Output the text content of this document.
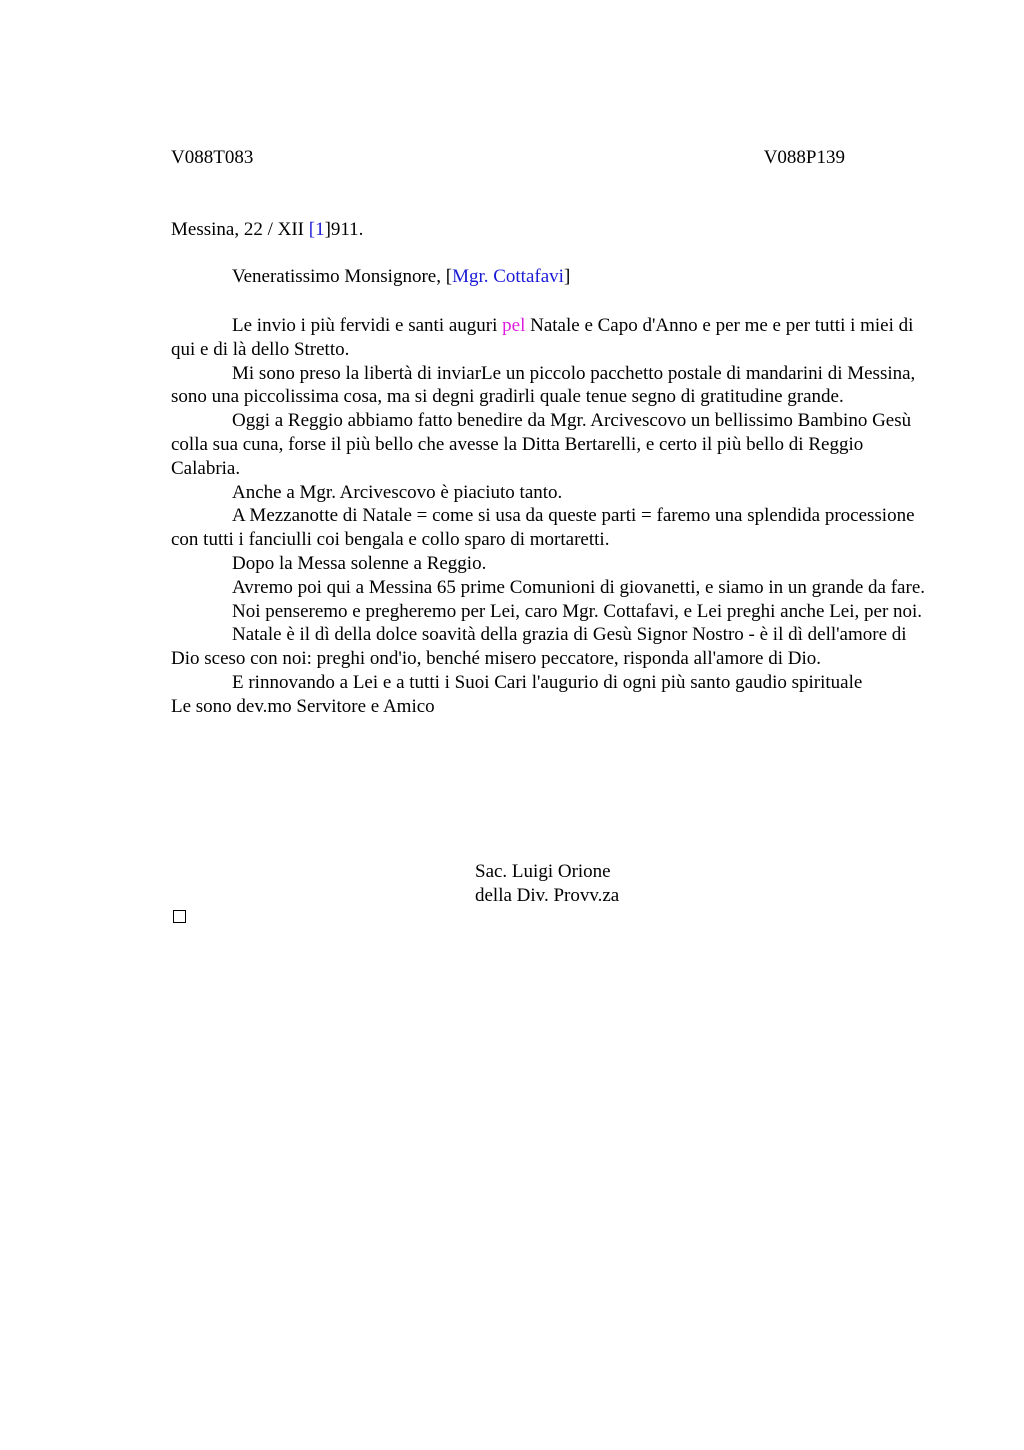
V088T083	V088P139
Messina, 22 / XII [1]911.
Veneratissimo Monsignore, [Mgr. Cottafavi]

Le invio i più fervidi e santi auguri pel Natale e Capo d'Anno e per me e per tutti i miei di qui e di là dello Stretto.

Mi sono preso la libertà di inviarLe un piccolo pacchetto postale di mandarini di Messina, sono una piccolissima cosa, ma si degni gradirli quale tenue segno di gratitudine grande.

Oggi a Reggio abbiamo fatto benedire da Mgr. Arcivescovo un bellissimo Bambino Gesù colla sua cuna, forse il più bello che avesse la Ditta Bertarelli, e certo il più bello di Reggio Calabria.

Anche a Mgr. Arcivescovo è piaciuto tanto.

A Mezzanotte di Natale = come si usa da queste parti = faremo una splendida processione con tutti i fanciulli coi bengala e collo sparo di mortaretti.

Dopo la Messa solenne a Reggio.

Avremo poi qui a Messina 65 prime Comunioni di giovanetti, e siamo in un grande da fare.

Noi penseremo e pregheremo per Lei, caro Mgr. Cottafavi, e Lei preghi anche Lei, per noi.

Natale è il dì della dolce soavità della grazia di Gesù Signor Nostro - è il dì dell'amore di Dio sceso con noi: preghi ond'io, benché misero peccatore, risponda all'amore di Dio.

E rinnovando a Lei e a tutti i Suoi Cari l'augurio di ogni più santo gaudio spirituale

Le sono dev.mo Servitore e Amico

Sac. Luigi Orione
della Div. Provv.za
